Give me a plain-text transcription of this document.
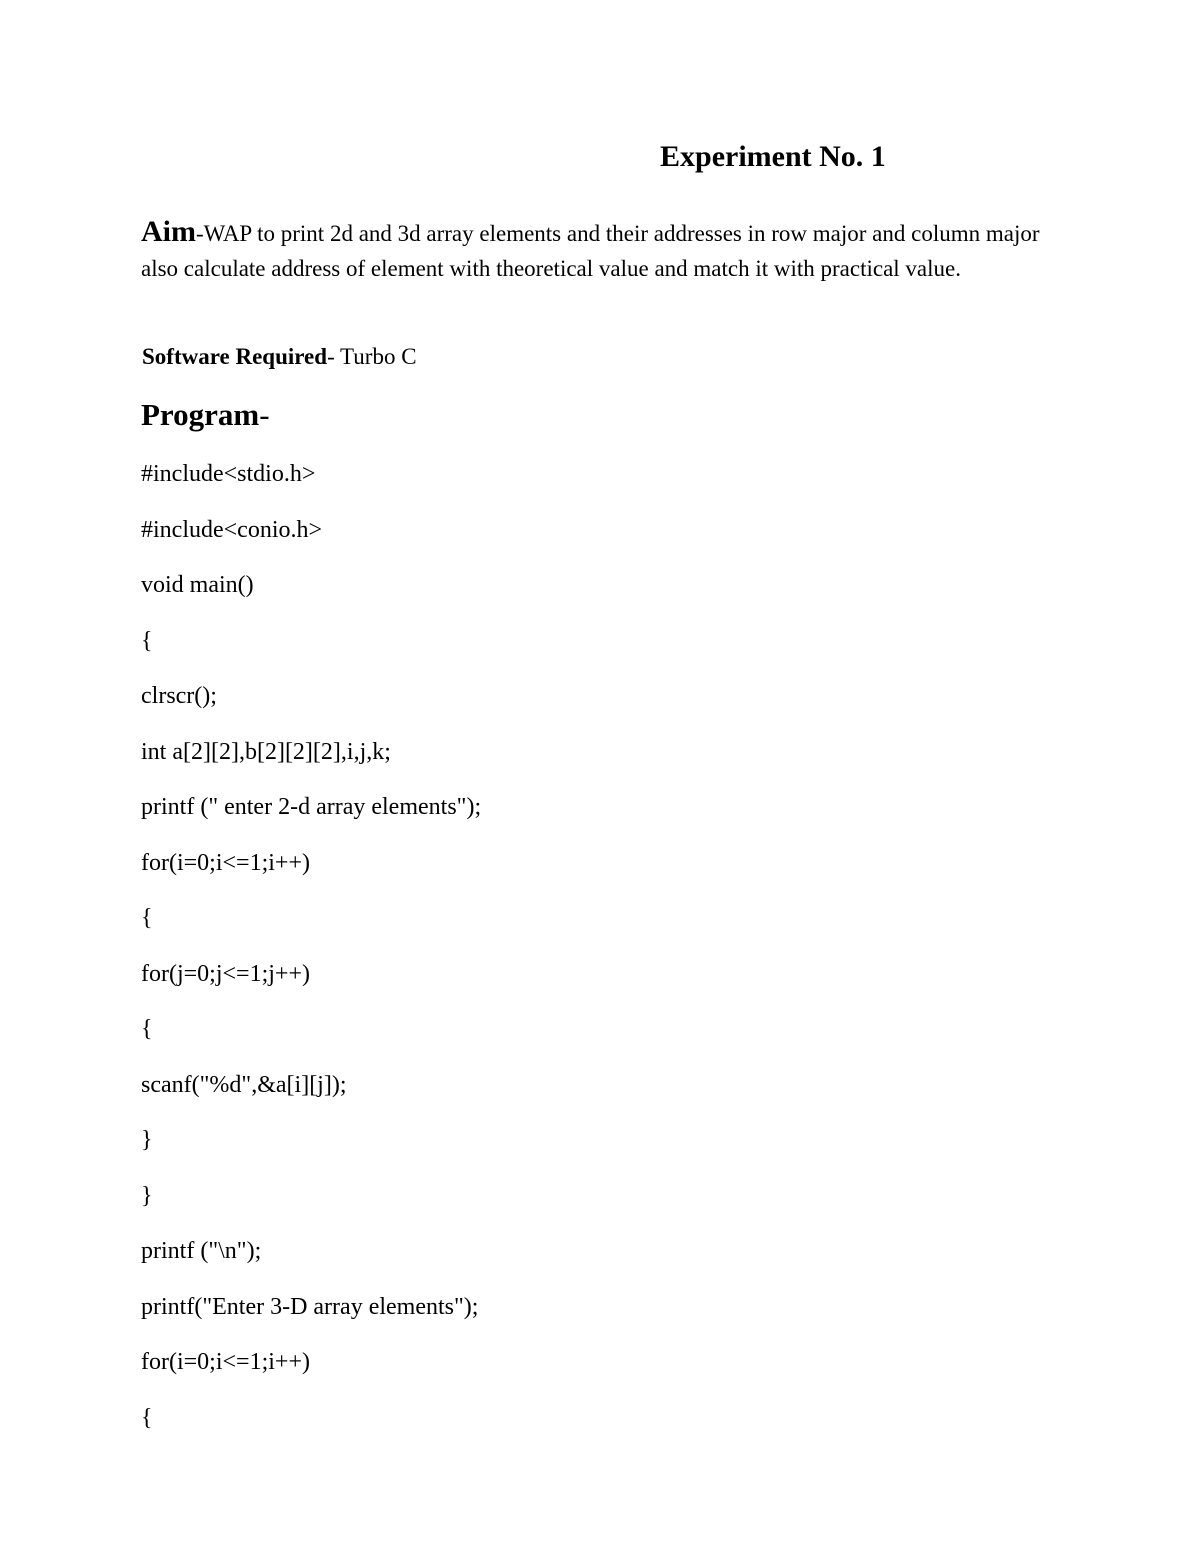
Experiment No. 1
Aim-WAP to print 2d and 3d array elements and their addresses in row major and column major also calculate address of element with theoretical value and match it with practical value.
Software Required- Turbo C
Program-
#include<stdio.h>
#include<conio.h>
void main()
{
clrscr();
int a[2][2],b[2][2][2],i,j,k;
printf (" enter 2-d array elements");
for(i=0;i<=1;i++)
{
for(j=0;j<=1;j++)
{
scanf("%d",&a[i][j]);
}
}
printf ("\n");
printf("Enter 3-D array elements");
for(i=0;i<=1;i++)
{
